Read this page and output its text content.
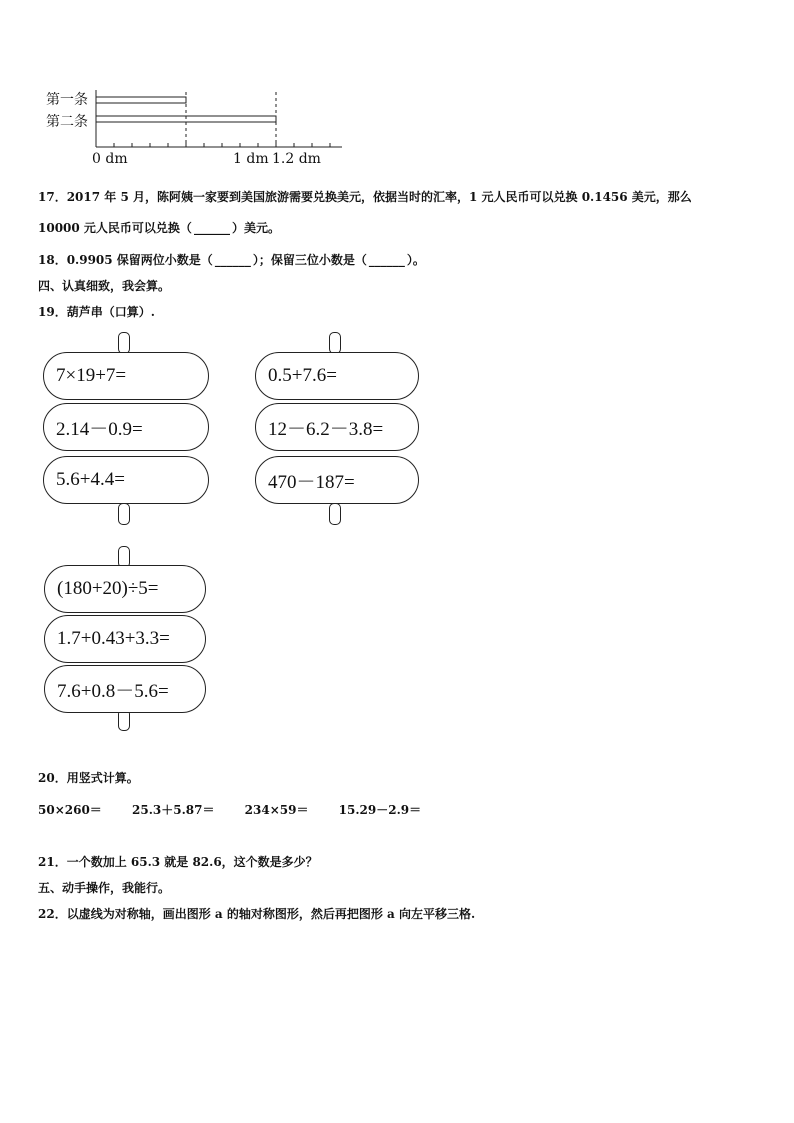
第一条
第二条
0 dm	1 dm 1.2 dm
17．2017 年 5 月，陈阿姨一家要到美国旅游需要兑换美元，依据当时的汇率，1 元人民币可以兑换 0.1456 美元，那么
10000 元人民币可以兑换（ ______ ）美元。
18．0.9905 保留两位小数是（ ______ ）；保留三位小数是（ ______ ）。
四、认真细致，我会算。
19．葫芦串（口算）.
7×19+7=
2.14－0.9=
5.6+4.4=
0.5+7.6=
12－6.2－3.8=
470－187=
(180+20)÷5=
1.7+0.43+3.3=
7.6+0.8－5.6=
20．用竖式计算。
50×260＝	25.3＋5.87＝	234×59＝	15.29－2.9＝
21．一个数加上 65.3 就是 82.6，这个数是多少？
五、动手操作，我能行。
22．以虚线为对称轴，画出图形 a 的轴对称图形，然后再把图形 a 向左平移三格.
